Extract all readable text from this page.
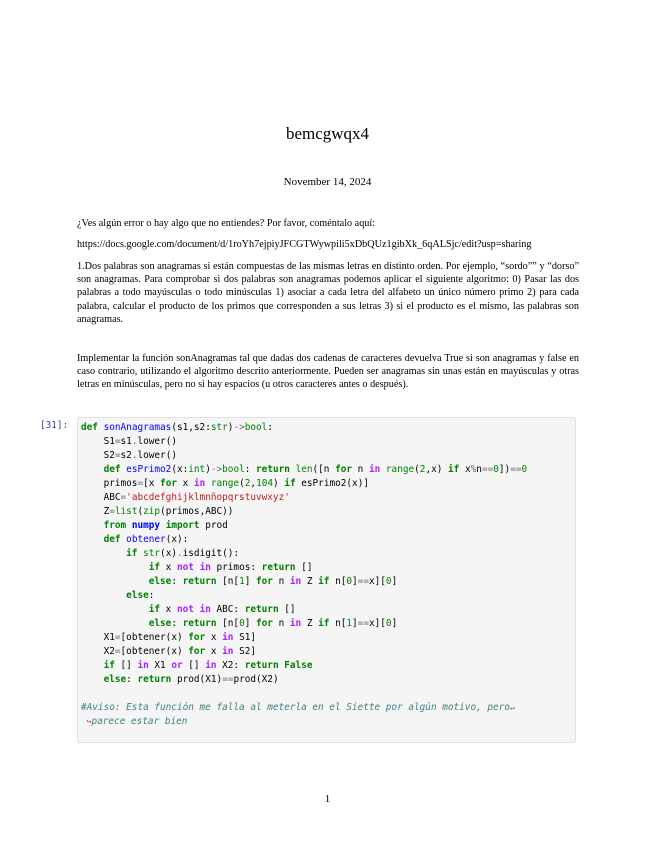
bemcgwqx4
November 14, 2024
¿Ves algún error o hay algo que no entiendes? Por favor, coméntalo aquí:
https://docs.google.com/document/d/1roYh7ejpiyJFCGTWywpili5xDbQUz1gibXk_6qALSjc/edit?usp=sharing
1.Dos palabras son anagramas si están compuestas de las mismas letras en distinto orden. Por ejemplo, “sordo”” y “dorso” son anagramas. Para comprobar si dos palabras son anagramas podemos aplicar el siguiente algoritmo: 0) Pasar las dos palabras a todo mayúsculas o todo minúsculas 1) asociar a cada letra del alfabeto un único número primo 2) para cada palabra, calcular el producto de los primos que corresponden a sus letras 3) si el producto es el mismo, las palabras son anagramas.
Implementar la función sonAnagramas tal que dadas dos cadenas de caracteres devuelva True si son anagramas y false en caso contrario, utilizando el algoritmo descrito anteriormente. Pueden ser anagramas sin unas están en mayúsculas y otras letras en minúsculas, pero no si hay espacios (u otros caracteres antes o después).
[31]: def sonAnagramas(s1,s2:str)->bool:
S1=s1.lower()
S2=s2.lower()
def esPrimo2(x:int)->bool: return len([n for n in range(2,x) if x%n==0])==0
primos=[x for x in range(2,104) if esPrimo2(x)]
ABC='abcdefghijklmnñopqrstuvwxyz'
Z=list(zip(primos,ABC))
from numpy import prod
def obtener(x):
if str(x).isdigit():
if x not in primos: return []
else: return [n[1] for n in Z if n[0]==x][0]
else:
if x not in ABC: return []
else: return [n[0] for n in Z if n[1]==x][0]
X1=[obtener(x) for x in S1]
X2=[obtener(x) for x in S2]
if [] in X1 or [] in X2: return False
else: return prod(X1)==prod(X2)

#Aviso: Esta función me falla al meterla en el Siette por algún motivo, pero↵
↪parece estar bien
1
